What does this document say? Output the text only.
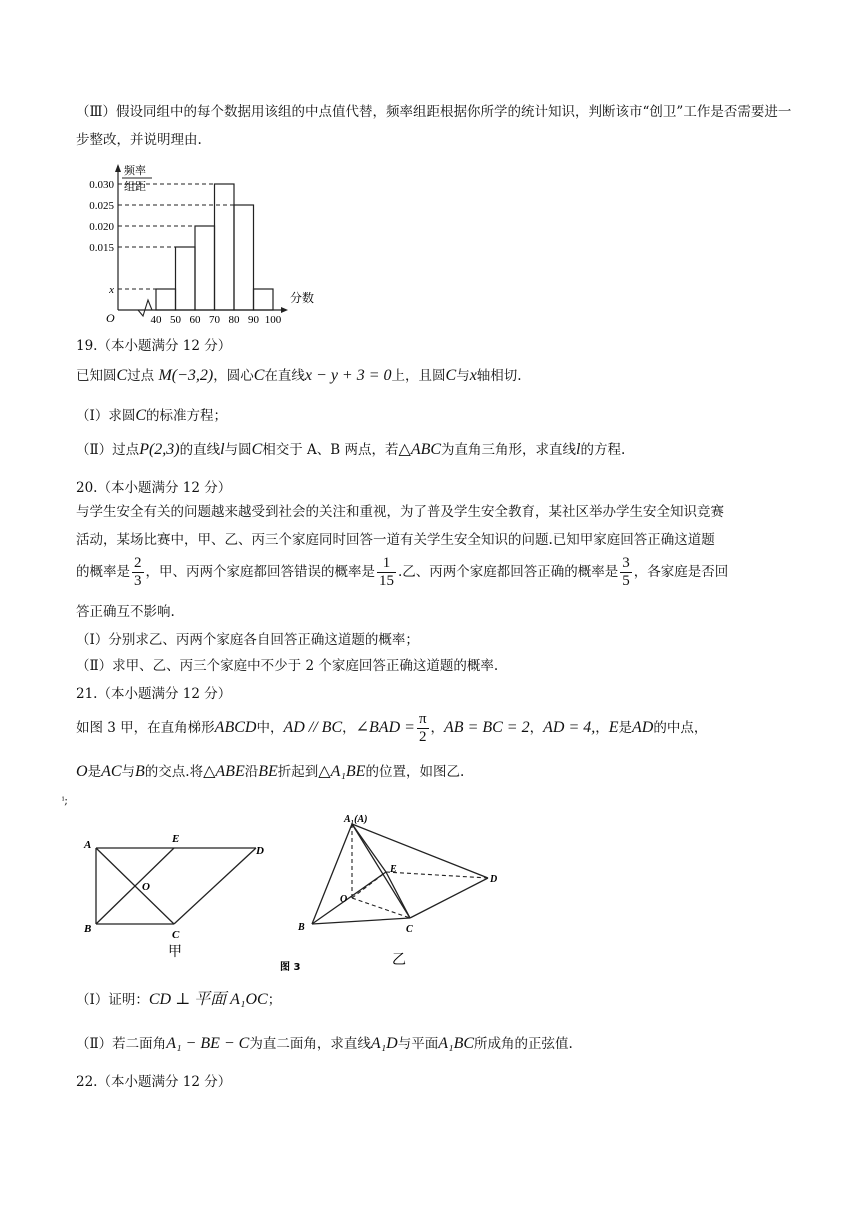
（Ⅲ）假设同组中的每个数据用该组的中点值代替，频率组距根据你所学的统计知识，判断该市“创卫”工作是否需要进一步整改，并说明理由.
0.030
0.025
0.020
0.015
x
40 50 60 70 80 90 100
频率
组距
分数
O
19.（本小题满分 12 分）
已知圆C过点 M(−3,2)，圆心C在直线x − y + 3 = 0上，且圆C与x轴相切.
（Ⅰ）求圆C的标准方程；
（Ⅱ）过点P(2,3)的直线l与圆C相交于 A、B 两点，若△ABC为直角三角形，求直线l的方程.
20.（本小题满分 12 分）
与学生安全有关的问题越来越受到社会的关注和重视，为了普及学生安全教育，某社区举办学生安全知识竞赛
活动，某场比赛中，甲、乙、丙三个家庭同时回答一道有关学生安全知识的问题.已知甲家庭回答正确这道题
的概率是 $\frac{2}{3}$ ，甲、丙两个家庭都回答错误的概率是 $\frac{1}{15}$ .乙、丙两个家庭都回答正确的概率是 $\frac{3}{5}$ ，各家庭是否回
答正确互不影响.
（Ⅰ）分别求乙、丙两个家庭各自回答正确这道题的概率；
（Ⅱ）求甲、乙、丙三个家庭中不少于 2 个家庭回答正确这道题的概率.
21.（本小题满分 12 分）
如图 3 甲，在直角梯形ABCD中，AD // BC，∠BAD = $\frac{\pi}{2}$ ，AB = BC = 2，AD = 4,，E是AD的中点，
O是AC与B的交点.将△ABE沿BE折起到△A₁BE的位置，如图乙.
ⁱ;
A	E
D
O
B	C
甲
A₁(A)
E
D
O
B	C
乙
图 3
（Ⅰ）证明：CD ⊥ 平面 A₁OC；
（Ⅱ）若二面角A₁ − BE − C为直二面角，求直线A₁D与平面A₁BC所成角的正弦值.
22.（本小题满分 12 分）
